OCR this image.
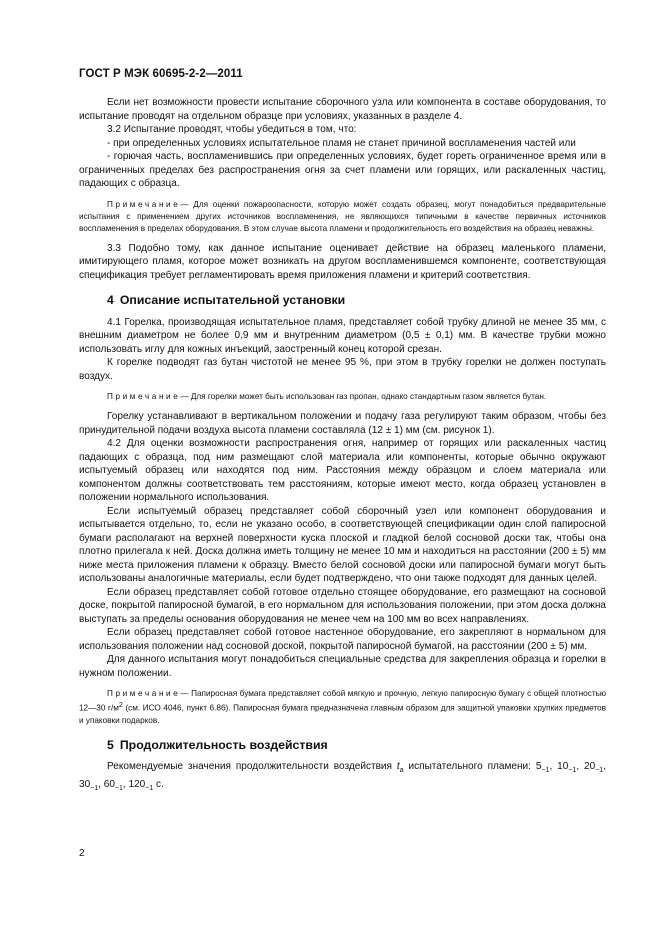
ГОСТ Р МЭК 60695-2-2—2011

Если нет возможности провести испытание сборочного узла или компонента в составе оборудования, то испытание проводят на отдельном образце при условиях, указанных в разделе 4.

3.2 Испытание проводят, чтобы убедиться в том, что:

- при определенных условиях испытательное пламя не станет причиной воспламенения частей или

- горючая часть, воспламенившись при определенных условиях, будет гореть ограниченное время или в ограниченных пределах без распространения огня за счет пламени или горящих, или раскаленных частиц, падающих с образца.

Примечание— Для оценки пожароопасности, которую может создать образец, могут понадобиться предварительные испытания с применением других источников воспламенения, не являющихся типичными в качестве первичных источников воспламенения в пределах оборудования. В этом случае высота пламени и продолжительность его воздействия на образец неважны.

3.3 Подобно тому, как данное испытание оценивает действие на образец маленького пламени, имитирующего пламя, которое может возникать на другом воспламенившемся компоненте, соответствующая спецификация требует регламентировать время приложения пламени и критерий соответствия.

4 Описание испытательной установки

4.1 Горелка, производящая испытательное пламя, представляет собой трубку длиной не менее 35 мм, с внешним диаметром не более 0,9 мм и внутренним диаметром (0,5 ± 0,1) мм. В качестве трубки можно использовать иглу для кожных инъекций, заостренный конец которой срезан.

К горелке подводят газ бутан чистотой не менее 95 %, при этом в трубку горелки не должен поступать воздух.

Примечание— Для горелки может быть использован газ пропан, однако стандартным газом является бутан.

Горелку устанавливают в вертикальном положении и подачу газа регулируют таким образом, чтобы без принудительной подачи воздуха высота пламени составляла (12 ± 1) мм (см. рисунок 1).

4.2 Для оценки возможности распространения огня, например от горящих или раскаленных частиц падающих с образца, под ним размещают слой материала или компоненты, которые обычно окружают испытуемый образец или находятся под ним. Расстояния между образцом и слоем материала или компонентом должны соответствовать тем расстояниям, которые имеют место, когда образец установлен в положении нормального использования.

Если испытуемый образец представляет собой сборочный узел или компонент оборудования и испытывается отдельно, то, если не указано особо, в соответствующей спецификации один слой папиросной бумаги располагают на верхней поверхности куска плоской и гладкой белой сосновой доски так, чтобы она плотно прилегала к ней. Доска должна иметь толщину не менее 10 мм и находиться на расстоянии (200 ± 5) мм ниже места приложения пламени к образцу. Вместо белой сосновой доски или папиросной бумаги могут быть использованы аналогичные материалы, если будет подтверждено, что они также подходят для данных целей.

Если образец представляет собой готовое отдельно стоящее оборудование, его размещают на сосновой доске, покрытой папиросной бумагой, в его нормальном для использования положении, при этом доска должна выступать за пределы основания оборудования не менее чем на 100 мм во всех направлениях.

Если образец представляет собой готовое настенное оборудование, его закрепляют в нормальном для использования положении над сосновой доской, покрытой папиросной бумагой, на расстоянии (200 ± 5) мм.

Для данного испытания могут понадобиться специальные средства для закрепления образца и горелки в нужном положении.

Примечание— Папиросная бумага представляет собой мягкую и прочную, легкую папиросную бумагу с общей плотностью 12—30 $г/м^2$ (см. ИСО 4046, пункт 6.86). Папиросная бумага предназначена главным образом для защитной упаковки хрупких предметов и упаковки подарков.

5 Продолжительность воздействия

Рекомендуемые значения продолжительности воздействия $t_a$ испытательного пламени: $5_{-1}$, $10_{-1}$, $20_{-1}$, $30_{-1}$, $60_{-1}$, $120_{-1}$ с.

2
